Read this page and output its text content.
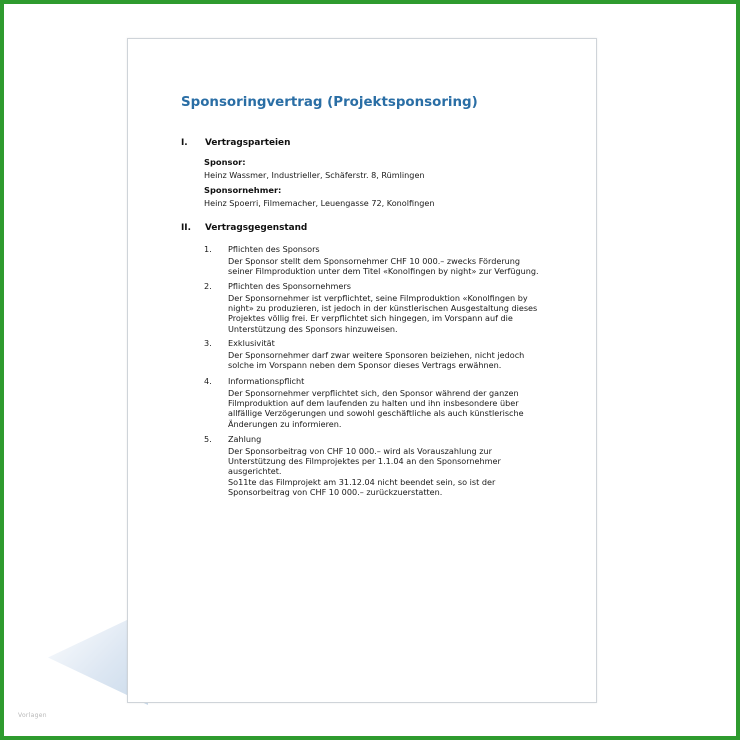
Vorlagen
Sponsoringvertrag (Projektsponsoring)
I. Vertragsparteien
Sponsor:
Heinz Wassmer, Industrieller, Schäferstr. 8, Rümlingen
Sponsornehmer:
Heinz Spoerri, Filmemacher, Leuengasse 72, Konolfingen
II. Vertragsgegenstand
1. Pflichten des Sponsors
Der Sponsor stellt dem Sponsornehmer CHF 10 000.– zwecks Förderung
seiner Filmproduktion unter dem Titel «Konolfingen by night» zur Verfügung.
2. Pflichten des Sponsornehmers
Der Sponsornehmer ist verpflichtet, seine Filmproduktion «Konolfingen by
night» zu produzieren, ist jedoch in der künstlerischen Ausgestaltung dieses
Projektes völlig frei. Er verpflichtet sich hingegen, im Vorspann auf die
Unterstützung des Sponsors hinzuweisen.
3. Exklusivität
Der Sponsornehmer darf zwar weitere Sponsoren beiziehen, nicht jedoch
solche im Vorspann neben dem Sponsor dieses Vertrags erwähnen.
4. Informationspflicht
Der Sponsornehmer verpflichtet sich, den Sponsor während der ganzen
Filmproduktion auf dem laufenden zu halten und ihn insbesondere über
allfällige Verzögerungen und sowohl geschäftliche als auch künstlerische
Änderungen zu informieren.
5. Zahlung
Der Sponsorbeitrag von CHF 10 000.– wird als Vorauszahlung zur
Unterstützung des Filmprojektes per 1.1.04 an den Sponsornehmer
ausgerichtet.
So11te das Filmprojekt am 31.12.04 nicht beendet sein, so ist der
Sponsorbeitrag von CHF 10 000.– zurückzuerstatten.
